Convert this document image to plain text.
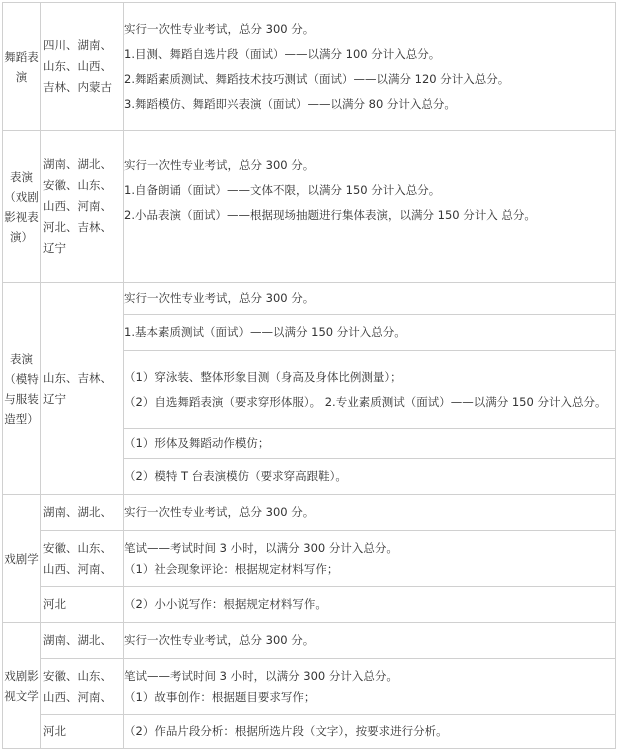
舞蹈表演	四川、湖南、山东、山西、吉林、内蒙古	实行一次性专业考试，总分 300 分。
1.目测、舞蹈自选片段（面试）——以满分 100 分计入总分。
2.舞蹈素质测试、舞蹈技术技巧测试（面试）——以满分 120 分计入总分。
3.舞蹈模仿、舞蹈即兴表演（面试）——以满分 80 分计入总分。

表演（戏剧影视表演）	湖南、湖北、安徽、山东、山西、河南、河北、吉林、辽宁	实行一次性专业考试，总分 300 分。
1.自备朗诵（面试）——文体不限，以满分 150 分计入总分。
2.小品表演（面试）——根据现场抽题进行集体表演，以满分 150 分计入 总分。

表演（模特与服装造型）	山东、吉林、辽宁	实行一次性专业考试，总分 300 分。

		1.基本素质测试（面试）——以满分 150 分计入总分。

		（1）穿泳装、整体形象目测（身高及身体比例测量）；
（2）自选舞蹈表演（要求穿形体服）。 2.专业素质测试（面试）——以满分 150 分计入总分。

		（1）形体及舞蹈动作模仿；

		（2）模特 T 台表演模仿（要求穿高跟鞋）。

戏剧学	湖南、湖北、	实行一次性专业考试，总分 300 分。

	安徽、山东、山西、河南、	笔试——考试时间 3 小时，以满分 300 分计入总分。
（1）社会现象评论：根据规定材料写作；

	河北	（2）小小说写作：根据规定材料写作。

戏剧影视文学	湖南、湖北、	实行一次性专业考试，总分 300 分。

	安徽、山东、山西、河南、	笔试——考试时间 3 小时，以满分 300 分计入总分。
（1）故事创作：根据题目要求写作；

	河北	（2）作品片段分析：根据所选片段（文字），按要求进行分析。
